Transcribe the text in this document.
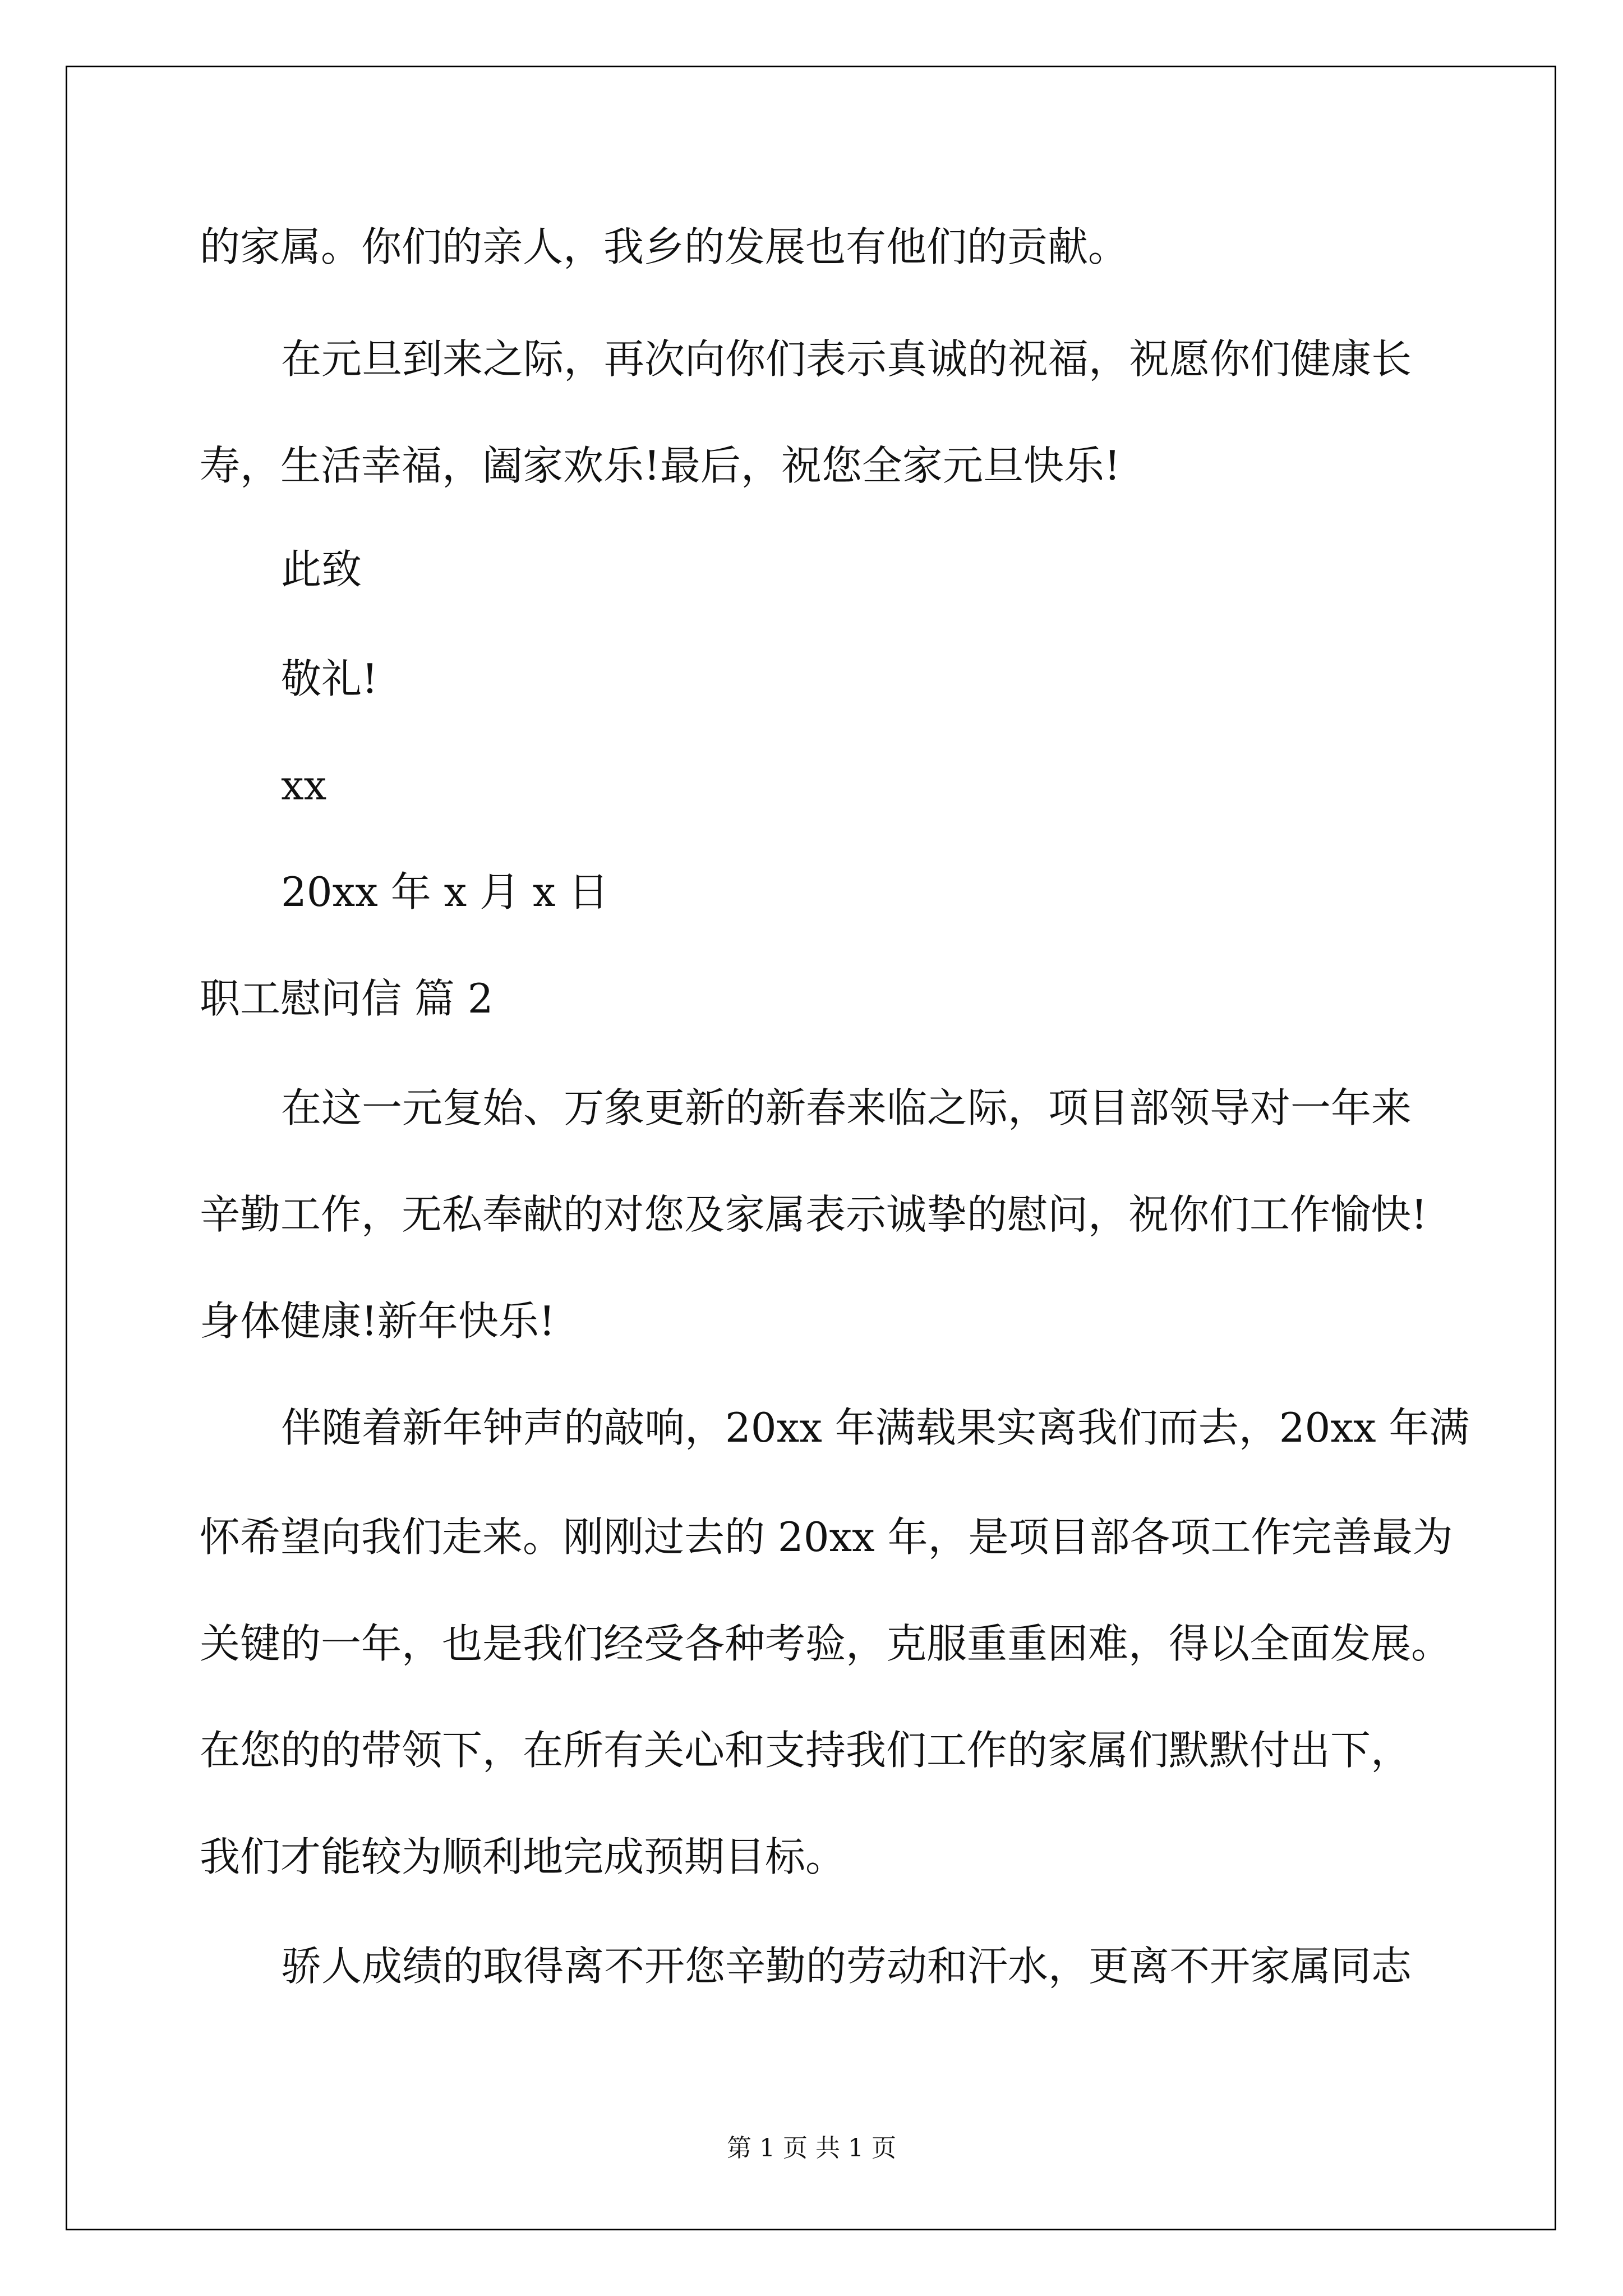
的家属。你们的亲人，我乡的发展也有他们的贡献。
在元旦到来之际，再次向你们表示真诚的祝福，祝愿你们健康长
寿，生活幸福，阖家欢乐!最后，祝您全家元旦快乐!
此致
敬礼!
xx
20xx 年 x 月 x 日
职工慰问信 篇 2
在这一元复始、万象更新的新春来临之际，项目部领导对一年来
辛勤工作，无私奉献的对您及家属表示诚挚的慰问，祝你们工作愉快!
身体健康!新年快乐!
伴随着新年钟声的敲响，20xx 年满载果实离我们而去，20xx 年满
怀希望向我们走来。刚刚过去的 20xx 年，是项目部各项工作完善最为
关键的一年，也是我们经受各种考验，克服重重困难，得以全面发展。
在您的的带领下，在所有关心和支持我们工作的家属们默默付出下，
我们才能较为顺利地完成预期目标。
骄人成绩的取得离不开您辛勤的劳动和汗水，更离不开家属同志
第 1 页 共 1 页
